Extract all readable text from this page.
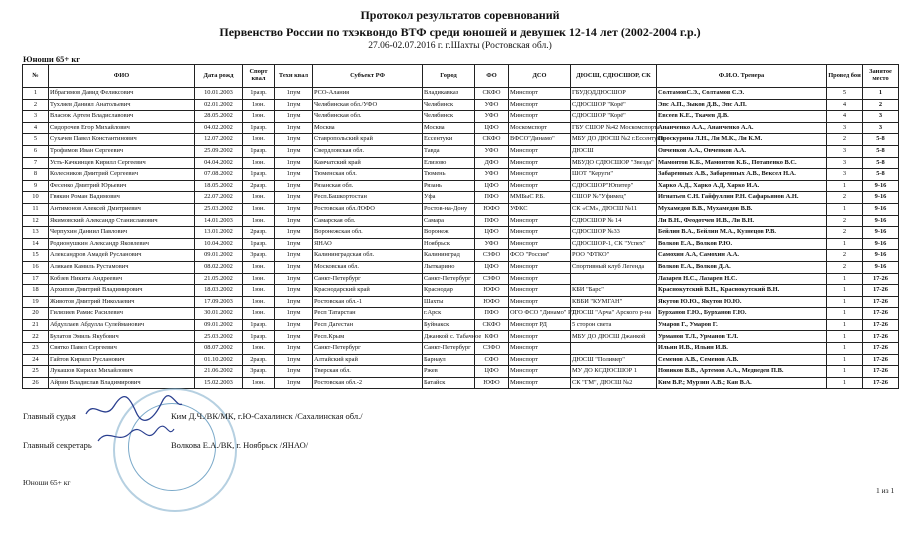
Протокол результатов соревнований
Первенство России по тхэквондо ВТФ среди юношей и девушек 12-14 лет (2002-2004 г.р.)
27.06-02.07.2016 г. г.Шахты (Ростовская обл.)
Юноши 65+ кг
№	ФИО	Дата рожд	Спорт квал	Техн квал	Субъект РФ	Город	ФО	ДСО	ДЮСШ, СДЮСШОР, СК	Ф.И.О. Тренера	Провед бои	Занятое место
1	Ибрагимов Давид Феликсович	10.01.2003	1разр.	1пум	РСО-Алания	Владикавказ	СКФО	Минспорт	ГБУДОДДЮСШОР	СолтамовС.Э., Солтамов С.Э.	5	1
2	Тухляев Даниял Анатольевич	02.01.2002	1юн.	1пум	Челябинская обл./УФО	Челябинск	УФО	Минспорт	СДЮСШОР "Корё"	Эпс А.П., Зыков Д.В., Эпс А.П.	4	2
3	Власюк Артем Владиславович	28.05.2002	1юн.	1пум	Челябинская обл.	Челябинск	УФО	Минспорт	СДЮСШОР "Корё"	Евсеев К.Е., Ткачев Д.В.	4	3
4	Сидорочев Егор Михайлович	04.02.2002	1разр.	1пум	Москва	Москва	ЦФО	Москомспорт	ГБУ СШОР №42 Москомспорта	Ананченко А.А., Ананченко А.А.	3	3
5	Сухачев Павел Константинович	12.07.2002	1юн.	1пум	Ставропольский край	Ессентуки	СКФО	ВФСО"Динамо"	МБУ ДО ДЮСШ №2 г.Ессентуки	Проскурина Л.Н., Ли М.К., Ли К.М.	2	5-8
6	Трофимов Иван Сергеевич	25.09.2002	1разр.	1пум	Свердловская обл.	Тавда	УФО	Минспорт	ДЮСШ	Овченков А.А., Овченков А.А.	3	5-8
7	Усть-Качкинцев Кирилл Сергеевич	04.04.2002	1юн.	1пум	Камчатский край	Елизово	ДФО	Минспорт	МБУДО СДЮСШОР "Звезда"	Мамонтов К.Б., Мамонтов К.Б., Потапенко В.С.	3	5-8
8	Колесников Дмитрий Сергеевич	07.08.2002	1разр.	1пум	Тюменская обл.	Тюмень	УФО	Минспорт	ШОТ "Керуги"	Забаренных А.В., Забаренных А.В., Вексел Н.А.	3	5-8
9	Фесенко Дмитрий Юрьевич	18.05.2002	2разр.	1пум	Рязанская обл.	Рязань	ЦФО	Минспорт	СДЮСШОР"Юпитер"	Харко А.Д., Харко А.Д, Харко И.А.	1	9-16
10	Гвякин Роман Вадимович	22.07.2002	1юн.	1пум	Респ.Башкортостан	Уфа	ПФО	ММБыС Р.Б.	СШОР №"Уфимец"	Игнатьев С.Н. Гайфуллин Р.Н. Сафарьянов А.Н.	2	9-16
11	Антимонов Алексей Дмитриевич	25.03.2002	1юн.	1пум	Ростовская обл./ЮФО	Ростов-на-Дону	ЮФО	УФКС	СК «СМ», ДЮСШ №11	Мухамедов В.В., Мухамедов В.В.	1	9-16
12	Якимовский Александр Станиславович	14.01.2003	1юн.	1пум	Самарская обл.	Самара	ПФО	Минспорт	СДЮСШОР № 14	Ли В.Н., Феодотчев И.В., Ли В.Н.	2	9-16
13	Черпухин Даниил Павлович	13.01.2002	2разр.	1пум	Воронежская обл.	Воронеж	ЦФО	Минспорт	СДЮСШОР №33	Бейлин В.А., Бейлин М.А., Кузнецов Р.В.	2	9-16
14	Родионушкин Александр Яковлевич	10.04.2002	1разр.	1пум	ЯНАО	Ноябрьск	УФО	Минспорт	СДЮСШОР-1, СК "Успех"	Волков Е.А., Волков Р.Ю.	1	9-16
15	Александров Амадей Русланович	09.01.2002	3разр.	1пум	Калининградская обл.	Калининград	СЗФО	ФСО "Россия"	РОО "ФТКО"	Самохин А.А, Самохин А.А.	2	9-16
16	Алякаев Камиль Рустамович	08.02.2002	1юн.	1пум	Московская обл.	Лыткарино	ЦФО	Минспорт	Спортивный клуб Легенда	Волков Е.А., Волков Д.А.	2	9-16
17	Кобзев Никита Андреевич	21.05.2002	1юн.	1пум	Санкт-Петербург	Санкт-Петербург	СЗФО	Минспорт		Лазарев Н.С., Лазарев Н.С.	1	17-26
18	Архипов Дмитрий Владимирович	18.03.2002	1юн.	1пум	Краснодарский край	Краснодар	ЮФО	Минспорт	КБИ "Барс"	Краснокутский В.Н., Краснокутский В.Н.	1	17-26
19	Животов Дмитрий Николаевич	17.09.2003	1юн.	1пум	Ростовская обл.-1	Шахты	ЮФО	Минспорт	КВБИ "КУМГАН"	Якутов Ю.Ю., Якутов Ю.Ю.	1	17-26
20	Гилязиев Рамис Расилевич	30.01.2002	1юн.	1пум	Респ Татарстан	г.Арск	ПФО	ОГО ФСО "Динамо" РТ	ДЮСШ "Арча" Арского р-на	Бурханов Г.Ю., Бурханов Г.Ю.	1	17-26
21	Абдуллаев Абдулла Сулейманович	09.01.2002	1разр.	1пум	Респ Дагестан	Буйнакск	СКФО	Минспорт РД	5 сторон света	Умаров Г., Умаров Г.	1	17-26
22	Булатов Эмиль Якубович	25.03.2002	1разр.	1пум	Респ.Крым	Джанкой с. Табачное	КФО	Минспорт	МБУ ДО ДЮСШ Джанкой	Урманов Т.Л., Урманов Т.Л.	1	17-26
23	Святко Павел Сергеевич	08.07.2002	1юн.	1пум	Санкт-Петербург	Санкт-Петербург	СЗФО	Минспорт		Ильин И.В., Ильин И.В.	1	17-26
24	Гайтов Кирилл Русланович	01.10.2002	2разр.	1пум	Алтайский край	Барнаул	СФО	Минспорт	ДЮСШ "Полимер"	Семенов А.В., Семенов А.В.	1	17-26
25	Лукашов Кирилл Михайлович	21.06.2002	3разр.	1пум	Тверская обл.	Ржев	ЦФО	Минспорт	МУ ДО КСДЮСШОР 1	Новиков В.В., Артемов А.А., Медведев П.В.	1	17-26
26	Айрин Владислав Владимирович	15.02.2003	1юн.	1пум	Ростовская обл.-2	Батайск	ЮФО	Минспорт	СК "ГМ", ДЮСШ №2	Ким В.Р.; Мурзин А.В.; Кан В.А.	1	17-26
Главный судья	Ким Д.Ч./ВК/МК, г.Ю-Сахалинск /Сахалинская обл./
Главный секретарь	Волкова Е.А./ВК, г. Ноябрьск /ЯНАО/
Юноши 65+ кг
1 из 1
